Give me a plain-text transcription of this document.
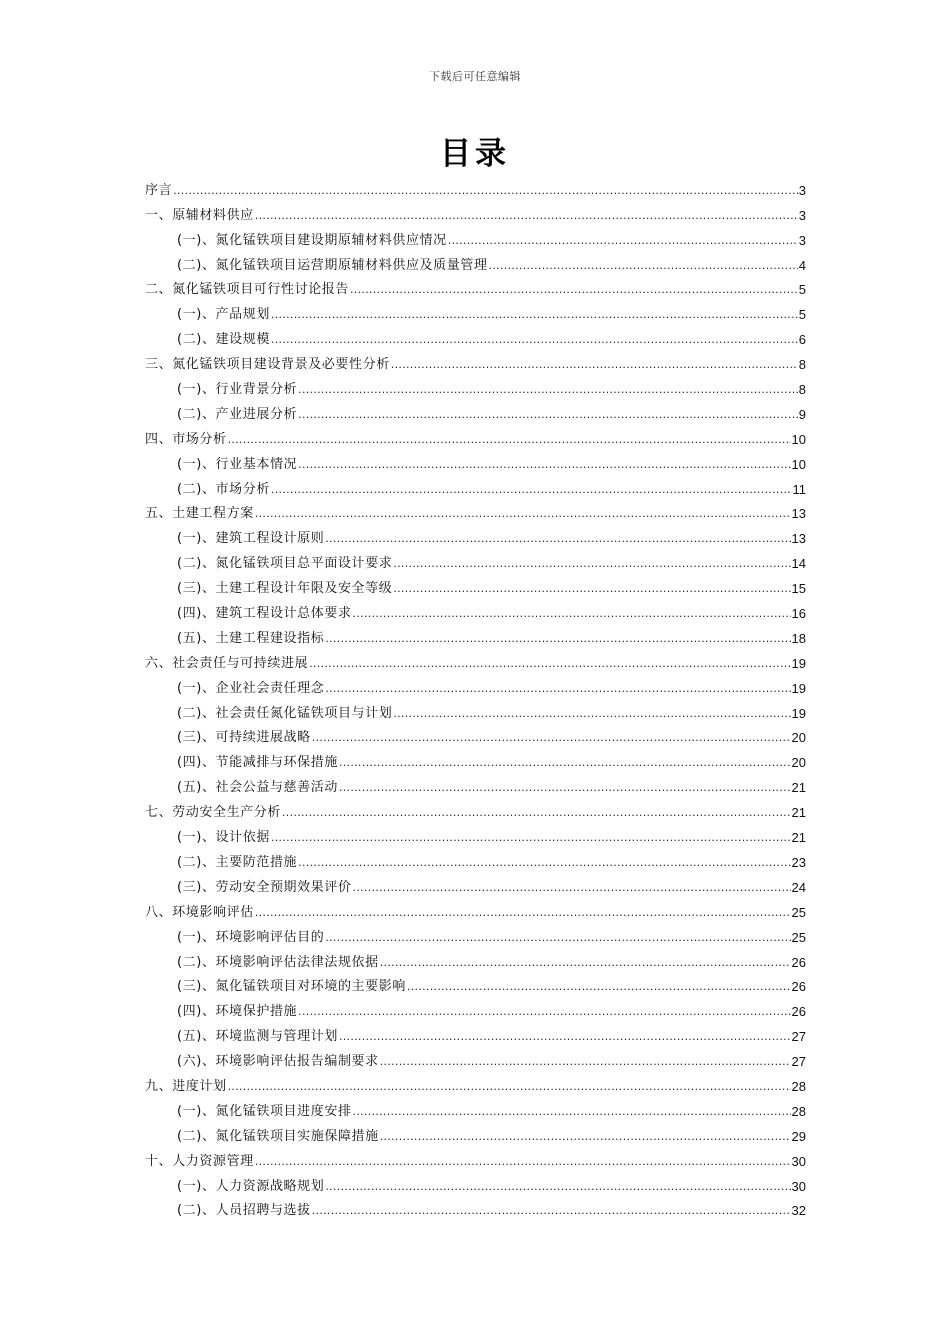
下载后可任意编辑
目录
序言 .....	3
一、原辅材料供应 .....	3
(一)、氮化锰铁项目建设期原辅材料供应情况 .....	3
(二)、氮化锰铁项目运营期原辅材料供应及质量管理 .....	4
二、氮化锰铁项目可行性讨论报告 .....	5
(一)、产品规划 .....	5
(二)、建设规模 .....	6
三、氮化锰铁项目建设背景及必要性分析 .....	8
(一)、行业背景分析 .....	8
(二)、产业进展分析 .....	9
四、市场分析 .....	10
(一)、行业基本情况 .....	10
(二)、市场分析 .....	11
五、土建工程方案 .....	13
(一)、建筑工程设计原则 .....	13
(二)、氮化锰铁项目总平面设计要求 .....	14
(三)、土建工程设计年限及安全等级 .....	15
(四)、建筑工程设计总体要求 .....	16
(五)、土建工程建设指标 .....	18
六、社会责任与可持续进展 .....	19
(一)、企业社会责任理念 .....	19
(二)、社会责任氮化锰铁项目与计划 .....	19
(三)、可持续进展战略 .....	20
(四)、节能减排与环保措施 .....	20
(五)、社会公益与慈善活动 .....	21
七、劳动安全生产分析 .....	21
(一)、设计依据 .....	21
(二)、主要防范措施 .....	23
(三)、劳动安全预期效果评价 .....	24
八、环境影响评估 .....	25
(一)、环境影响评估目的 .....	25
(二)、环境影响评估法律法规依据 .....	26
(三)、氮化锰铁项目对环境的主要影响 .....	26
(四)、环境保护措施 .....	26
(五)、环境监测与管理计划 .....	27
(六)、环境影响评估报告编制要求 .....	27
九、进度计划 .....	28
(一)、氮化锰铁项目进度安排 .....	28
(二)、氮化锰铁项目实施保障措施 .....	29
十、人力资源管理 .....	30
(一)、人力资源战略规划 .....	30
(二)、人员招聘与选拔 .....	32
